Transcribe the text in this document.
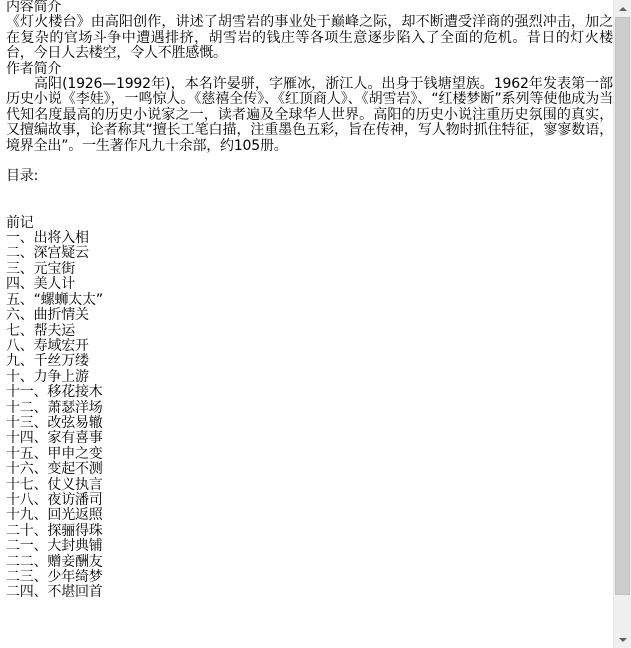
内容简介

《灯火楼台》由高阳创作，讲述了胡雪岩的事业处于巅峰之际，却不断遭受洋商的强烈冲击，加之在复杂的官场斗争中遭遇排挤，胡雪岩的钱庄等各项生意逐步陷入了全面的危机。昔日的灯火楼台，今日人去楼空，令人不胜感慨。

作者简介

高阳(1926—1992年)，本名许晏骈，字雁冰，浙江人。出身于钱塘望族。1962年发表第一部历史小说《李娃》，一鸣惊人。《慈禧全传》、《红顶商人》、《胡雪岩》、“红楼梦断”系列等使他成为当代知名度最高的历史小说家之一，读者遍及全球华人世界。高阳的历史小说注重历史氛围的真实，又擅编故事，论者称其“擅长工笔白描，注重墨色五彩，旨在传神，写人物时抓住特征，寥寥数语，境界全出”。一生著作凡九十余部，约105册。

目录:

前记

一、出将入相

二、深宫疑云

三、元宝街

四、美人计

五、“螺蛳太太”

六、曲折情关

七、帮夫运

八、寿域宏开

九、千丝万缕

十、力争上游

十一、移花接木

十二、萧瑟洋场

十三、改弦易辙

十四、家有喜事

十五、甲申之变

十六、变起不测

十七、仗义执言

十八、夜访潘司

十九、回光返照

二十、探骊得珠

二一、大封典铺

二二、赠妾酬友

二三、少年绮梦

二四、不堪回首
